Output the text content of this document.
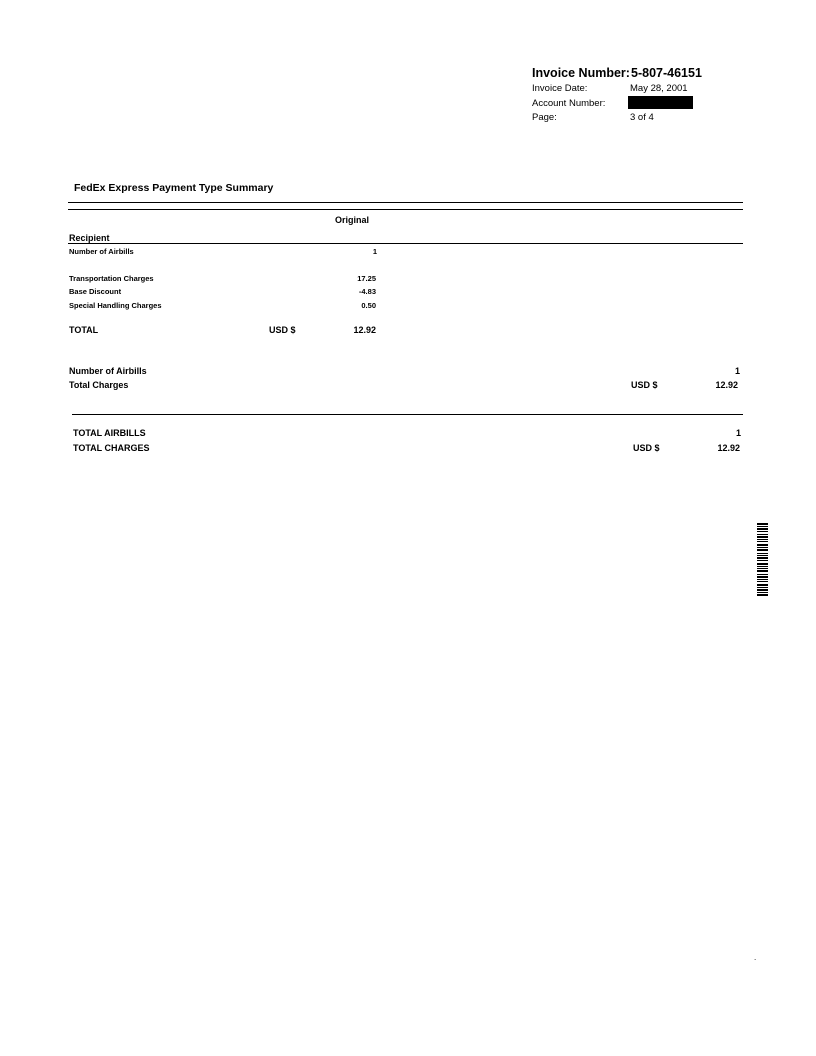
Invoice Number: 5-807-46151
Invoice Date:	May 28, 2001
Account Number:
Page:	3 of 4
FedEx Express Payment Type Summary
Original
Recipient
Number of Airbills	1
Transportation Charges	17.25
Base Discount	-4.83
Special Handling Charges	0.50
TOTAL	USD $	12.92
Number of Airbills	1
Total Charges	USD $	12.92
TOTAL AIRBILLS	1
TOTAL CHARGES	USD $	12.92
.
